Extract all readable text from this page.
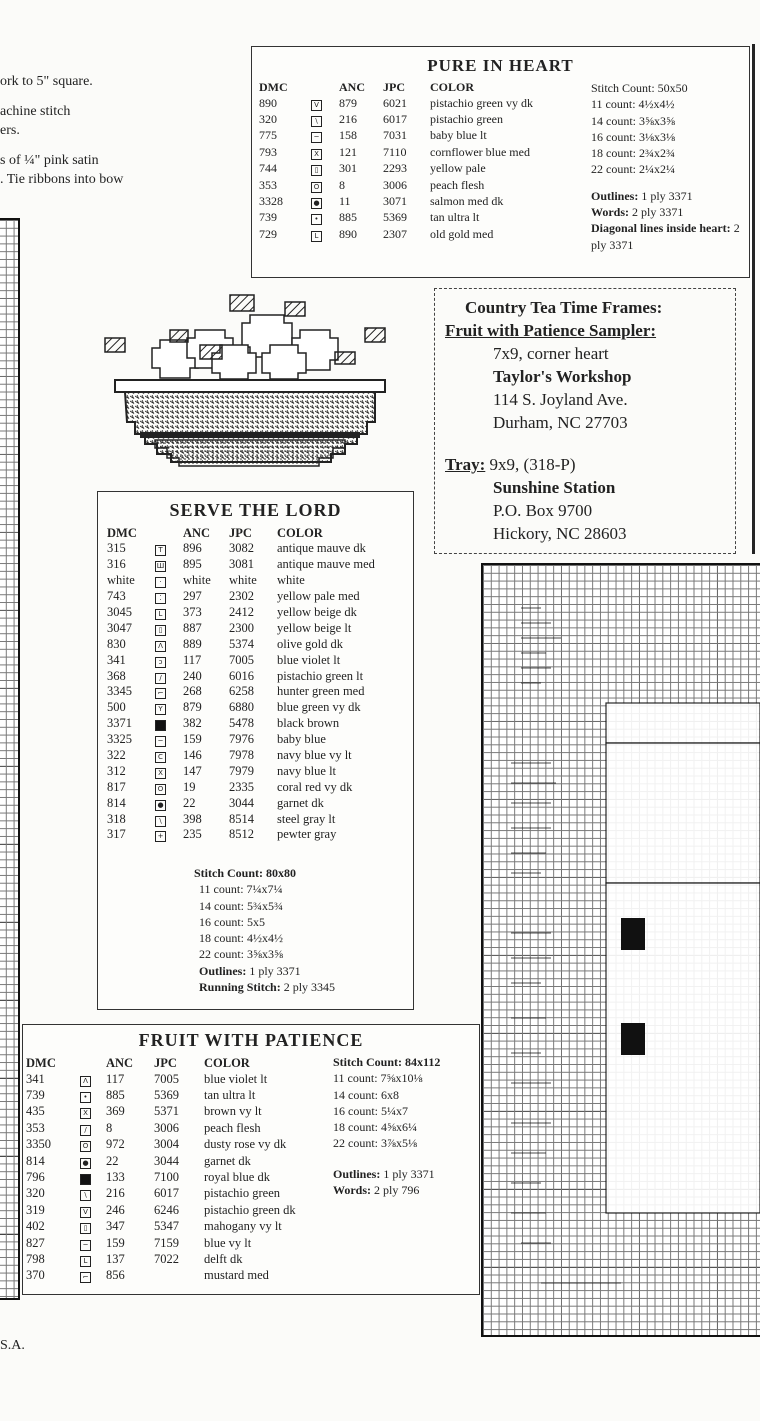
ork to 5" square.
achine stitch
ers.
s of ¼" pink satin
. Tie ribbons into bow
PURE IN HEART
DMC		ANC	JPC	COLOR
890	V	879	6021	pistachio green vy dk
320	\	216	6017	pistachio green
775	─	158	7031	baby blue lt
793	X	121	7110	cornflower blue med
744	▯	301	2293	yellow pale
353	O	8	3006	peach flesh
3328	●	11	3071	salmon med dk
739	•	885	5369	tan ultra lt
729	L	890	2307	old gold med
Stitch Count: 50x50
11 count: 4½x4½
14 count: 3⅝x3⅝
16 count: 3⅛x3⅛
18 count: 2¾x2¾
22 count: 2¼x2¼
Outlines: 1 ply 3371
Words: 2 ply 3371
Diagonal lines inside heart: 2 ply 3371
Country Tea Time Frames:
Fruit with Patience Sampler:
7x9, corner heart
Taylor's Workshop
114 S. Joyland Ave.
Durham, NC 27703
Tray: 9x9, (318-P)
Sunshine Station
P.O. Box 9700
Hickory, NC 28603
SERVE THE LORD
DMC		ANC	JPC	COLOR
315	T	896	3082	antique mauve dk
316	Ш	895	3081	antique mauve med
white	·	white	white	white
743	⁚	297	2302	yellow pale med
3045	L	373	2412	yellow beige dk
3047	▯	887	2300	yellow beige lt
830	Λ	889	5374	olive gold dk
341	ɔ	117	7005	blue violet lt
368	/	240	6016	pistachio green lt
3345	⌐	268	6258	hunter green med
500	Y	879	6880	blue green vy dk
3371	■	382	5478	black brown
3325	─	159	7976	baby blue
322	C	146	7978	navy blue vy lt
312	X	147	7979	navy blue lt
817	O	19	2335	coral red vy dk
814	●	22	3044	garnet dk
318	\	398	8514	steel gray lt
317	+	235	8512	pewter gray
Stitch Count: 80x80
11 count: 7¼x7¼
14 count: 5¾x5¾
16 count: 5x5
18 count: 4½x4½
22 count: 3⅝x3⅝
Outlines: 1 ply 3371
Running Stitch: 2 ply 3345
FRUIT WITH PATIENCE
DMC		ANC	JPC	COLOR
341	Λ	117	7005	blue violet lt
739	•	885	5369	tan ultra lt
435	X	369	5371	brown vy lt
353	/	8	3006	peach flesh
3350	O	972	3004	dusty rose vy dk
814	●	22	3044	garnet dk
796	■	133	7100	royal blue dk
320	\	216	6017	pistachio green
319	V	246	6246	pistachio green dk
402	▯	347	5347	mahogany vy lt
827	─	159	7159	blue vy lt
798	L	137	7022	delft dk
370	⌐	856		mustard med
Stitch Count: 84x112
11 count: 7⅝x10⅛
14 count: 6x8
16 count: 5¼x7
18 count: 4⅝x6¼
22 count: 3⅞x5⅛
Outlines: 1 ply 3371
Words: 2 ply 796
S.A.
